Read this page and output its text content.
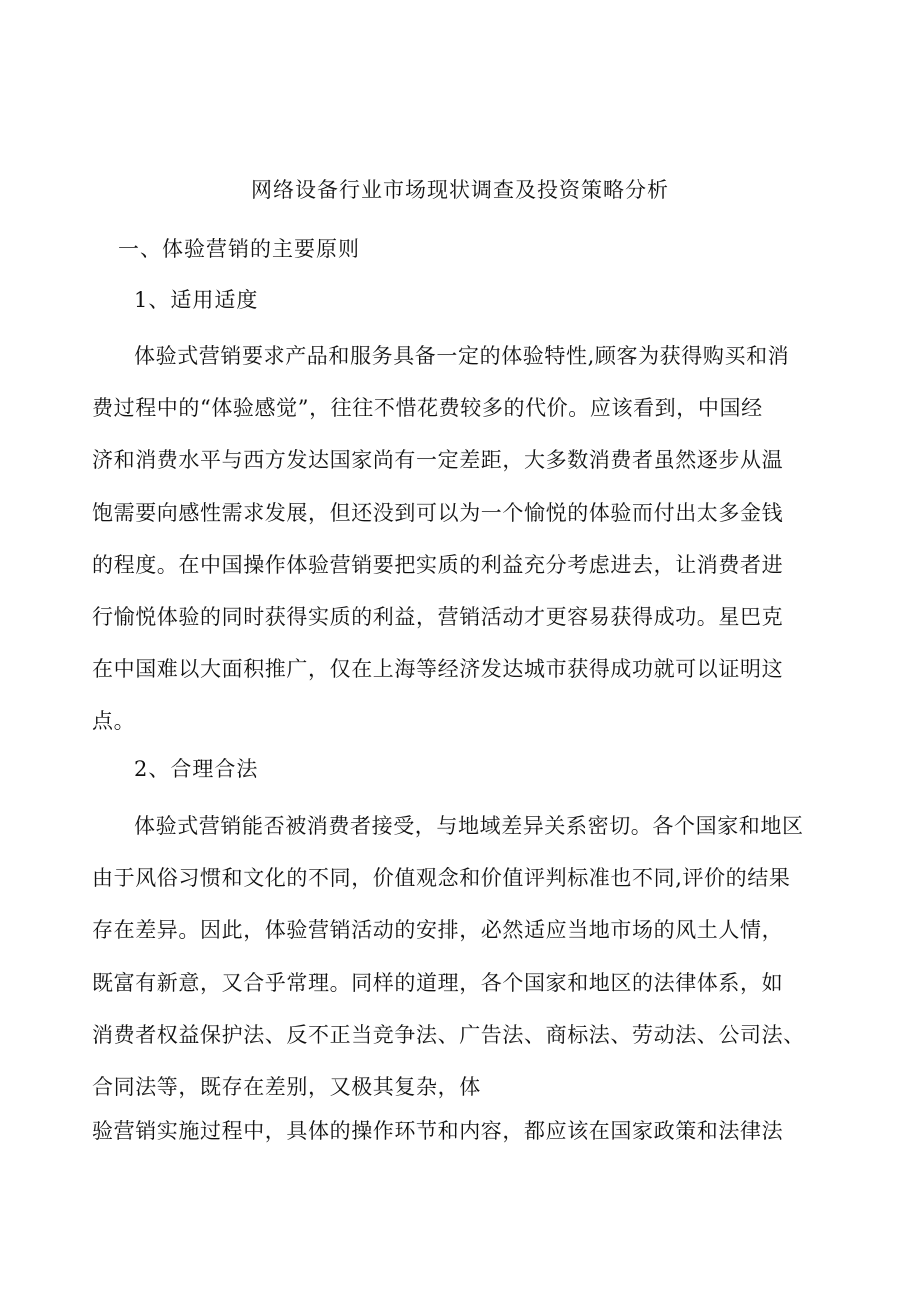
网络设备行业市场现状调查及投资策略分析
一、体验营销的主要原则
1、适用适度
体验式营销要求产品和服务具备一定的体验特性,顾客为获得购买和消
费过程中的“体验感觉”，往往不惜花费较多的代价。应该看到，中国经
济和消费水平与西方发达国家尚有一定差距，大多数消费者虽然逐步从温
饱需要向感性需求发展，但还没到可以为一个愉悦的体验而付出太多金钱
的程度。在中国操作体验营销要把实质的利益充分考虑进去，让消费者进
行愉悦体验的同时获得实质的利益，营销活动才更容易获得成功。星巴克
在中国难以大面积推广，仅在上海等经济发达城市获得成功就可以证明这
点。
2、合理合法
体验式营销能否被消费者接受，与地域差异关系密切。各个国家和地区
由于风俗习惯和文化的不同，价值观念和价值评判标准也不同,评价的结果
存在差异。因此，体验营销活动的安排，必然适应当地市场的风土人情，
既富有新意，又合乎常理。同样的道理，各个国家和地区的法律体系，如
消费者权益保护法、反不正当竞争法、广告法、商标法、劳动法、公司法、
合同法等，既存在差别，又极其复杂，体
验营销实施过程中，具体的操作环节和内容，都应该在国家政策和法律法
